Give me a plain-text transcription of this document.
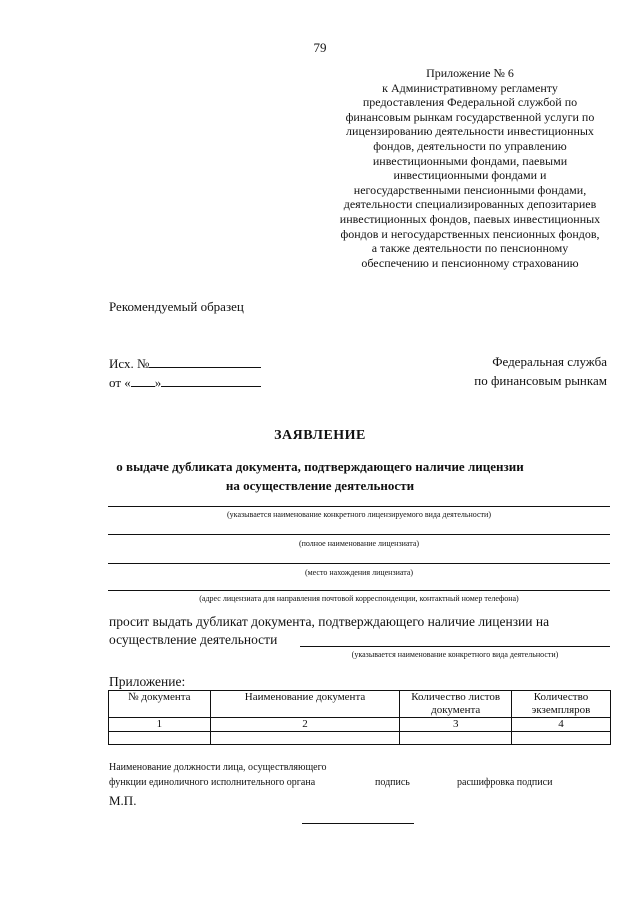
79
Приложение № 6
к Административному регламенту
предоставления Федеральной службой по
финансовым рынкам государственной услуги по
лицензированию деятельности инвестиционных
фондов, деятельности по управлению
инвестиционными фондами, паевыми
инвестиционными фондами и
негосударственными пенсионными фондами,
деятельности специализированных депозитариев
инвестиционных фондов, паевых инвестиционных
фондов и негосударственных пенсионных фондов,
а также деятельности по пенсионному
обеспечению и пенсионному страхованию
Рекомендуемый образец
Исх. №
от « »
Федеральная служба
по финансовым рынкам
ЗАЯВЛЕНИЕ
о выдаче дубликата документа, подтверждающего наличие лицензии
на осуществление деятельности
(указывается наименование конкретного лицензируемого вида деятельности)
(полное наименование лицензиата)
(место нахождения лицензиата)
(адрес лицензиата для направления почтовой корреспонденции, контактный номер телефона)
просит выдать дубликат документа, подтверждающего наличие лицензии на
осуществление деятельности
(указывается наименование конкретного вида деятельности)
Приложение:
№ документа	Наименование документа	Количество листов документа	Количество экземпляров
1	2	3	4

Наименование должности лица, осуществляющего
функции единоличного исполнительного органа	подпись	расшифровка подписи
М.П.
